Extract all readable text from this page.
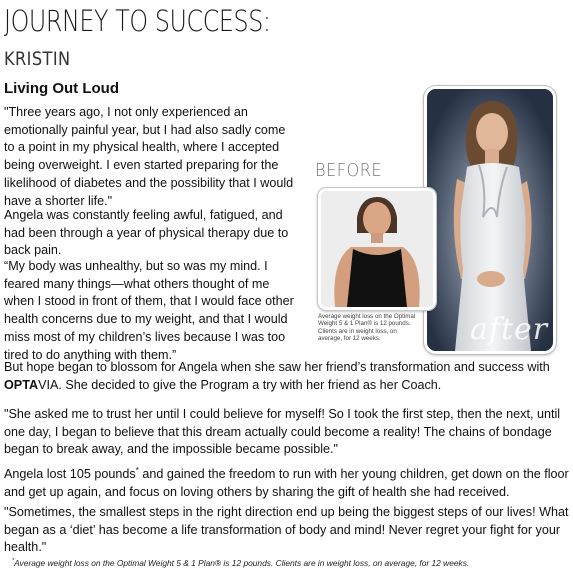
JOURNEY TO SUCCESS:
KRISTIN
Living Out Loud

"Three years ago, I not only experienced an emotionally painful year, but I had also sadly come to a point in my physical health, where I accepted being overweight. I even started preparing for the likelihood of diabetes and the possibility that I would have a shorter life."

Angela was constantly feeling awful, fatigued, and had been through a year of physical therapy due to back pain.

“My body was unhealthy, but so was my mind. I feared many things—what others thought of me when I stood in front of them, that I would face other health concerns due to my weight, and that I would miss most of my children’s lives because I was too tired to do anything with them.”

But hope began to blossom for Angela when she saw her friend’s transformation and success with OPTAVIA. She decided to give the Program a try with her friend as her Coach.

"She asked me to trust her until I could believe for myself! So I took the first step, then the next, until one day, I began to believe that this dream actually could become a reality! The chains of bondage began to break away, and the impossible became possible."

Angela lost 105 pounds* and gained the freedom to run with her young children, get down on the floor and get up again, and focus on loving others by sharing the gift of health she had received.

"Sometimes, the smallest steps in the right direction end up being the biggest steps of our lives! What began as a ‘diet’ has become a life transformation of body and mind! Never regret your fight for your health."

after
BEFORE
Average weight loss on the Optimal Weight 5 & 1 Plan® is 12 pounds. Clients are in weight loss, on average, for 12 weeks.
*Average weight loss on the Optimal Weight 5 & 1 Plan® is 12 pounds. Clients are in weight loss, on average, for 12 weeks.
